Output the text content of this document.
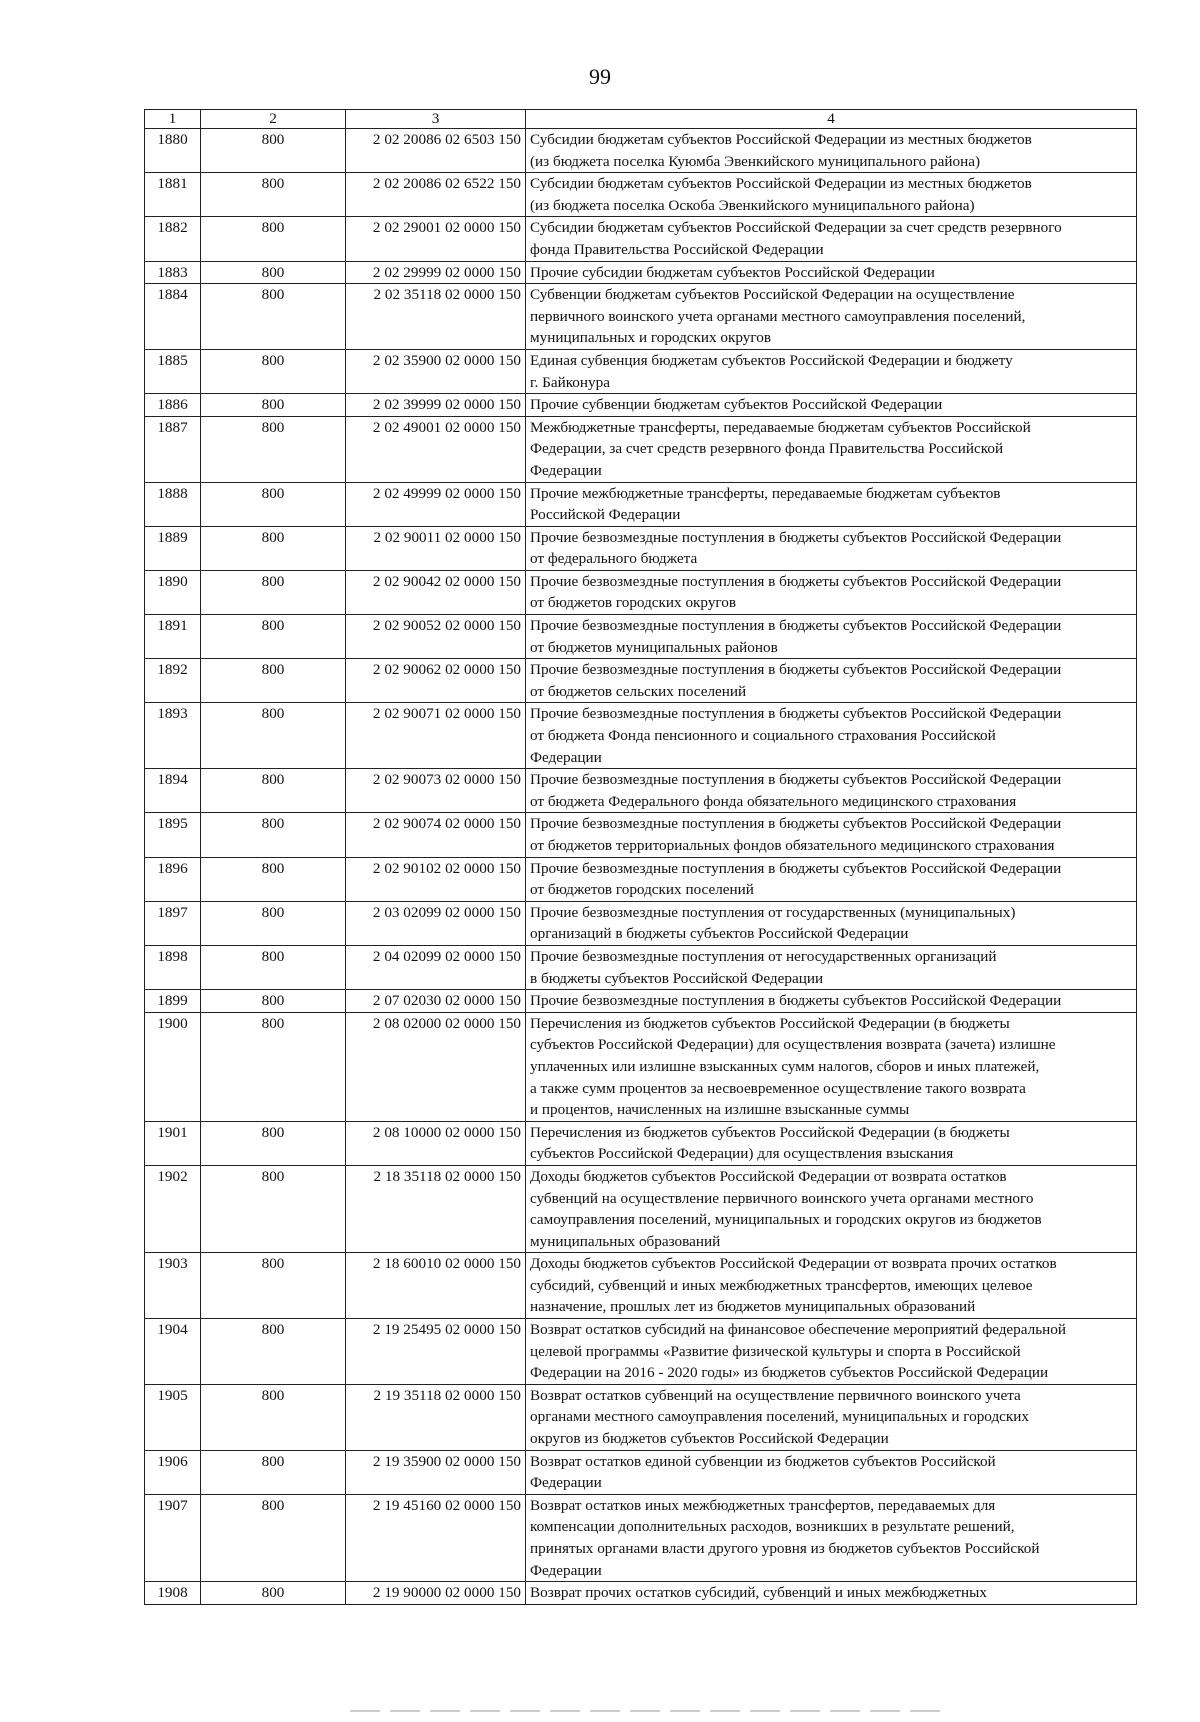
99
1	2	3	4
1880	800	2 02 20086 02 6503 150	Субсидии бюджетам субъектов Российской Федерации из местных бюджетов
(из бюджета поселка Куюмба Эвенкийского муниципального района)

1881	800	2 02 20086 02 6522 150	Субсидии бюджетам субъектов Российской Федерации из местных бюджетов
(из бюджета поселка Оскоба Эвенкийского муниципального района)

1882	800	2 02 29001 02 0000 150	Субсидии бюджетам субъектов Российской Федерации за счет средств резервного
фонда Правительства Российской Федерации

1883	800	2 02 29999 02 0000 150	Прочие субсидии бюджетам субъектов Российской Федерации

1884	800	2 02 35118 02 0000 150	Субвенции бюджетам субъектов Российской Федерации на осуществление
первичного воинского учета органами местного самоуправления поселений,
муниципальных и городских округов

1885	800	2 02 35900 02 0000 150	Единая субвенция бюджетам субъектов Российской Федерации и бюджету
г. Байконура

1886	800	2 02 39999 02 0000 150	Прочие субвенции бюджетам субъектов Российской Федерации

1887	800	2 02 49001 02 0000 150	Межбюджетные трансферты, передаваемые бюджетам субъектов Российской
Федерации, за счет средств резервного фонда Правительства Российской
Федерации

1888	800	2 02 49999 02 0000 150	Прочие межбюджетные трансферты, передаваемые бюджетам субъектов
Российской Федерации

1889	800	2 02 90011 02 0000 150	Прочие безвозмездные поступления в бюджеты субъектов Российской Федерации
от федерального бюджета

1890	800	2 02 90042 02 0000 150	Прочие безвозмездные поступления в бюджеты субъектов Российской Федерации
от бюджетов городских округов

1891	800	2 02 90052 02 0000 150	Прочие безвозмездные поступления в бюджеты субъектов Российской Федерации
от бюджетов муниципальных районов

1892	800	2 02 90062 02 0000 150	Прочие безвозмездные поступления в бюджеты субъектов Российской Федерации
от бюджетов сельских поселений

1893	800	2 02 90071 02 0000 150	Прочие безвозмездные поступления в бюджеты субъектов Российской Федерации
от бюджета Фонда пенсионного и социального страхования Российской
Федерации

1894	800	2 02 90073 02 0000 150	Прочие безвозмездные поступления в бюджеты субъектов Российской Федерации
от бюджета Федерального фонда обязательного медицинского страхования

1895	800	2 02 90074 02 0000 150	Прочие безвозмездные поступления в бюджеты субъектов Российской Федерации
от бюджетов территориальных фондов обязательного медицинского страхования

1896	800	2 02 90102 02 0000 150	Прочие безвозмездные поступления в бюджеты субъектов Российской Федерации
от бюджетов городских поселений

1897	800	2 03 02099 02 0000 150	Прочие безвозмездные поступления от государственных (муниципальных)
организаций в бюджеты субъектов Российской Федерации

1898	800	2 04 02099 02 0000 150	Прочие безвозмездные поступления от негосударственных организаций
в бюджеты субъектов Российской Федерации

1899	800	2 07 02030 02 0000 150	Прочие безвозмездные поступления в бюджеты субъектов Российской Федерации

1900	800	2 08 02000 02 0000 150	Перечисления из бюджетов субъектов Российской Федерации (в бюджеты
субъектов Российской Федерации) для осуществления возврата (зачета) излишне
уплаченных или излишне взысканных сумм налогов, сборов и иных платежей,
а также сумм процентов за несвоевременное осуществление такого возврата
и процентов, начисленных на излишне взысканные суммы

1901	800	2 08 10000 02 0000 150	Перечисления из бюджетов субъектов Российской Федерации (в бюджеты
субъектов Российской Федерации) для осуществления взыскания

1902	800	2 18 35118 02 0000 150	Доходы бюджетов субъектов Российской Федерации от возврата остатков
субвенций на осуществление первичного воинского учета органами местного
самоуправления поселений, муниципальных и городских округов из бюджетов
муниципальных образований

1903	800	2 18 60010 02 0000 150	Доходы бюджетов субъектов Российской Федерации от возврата прочих остатков
субсидий, субвенций и иных межбюджетных трансфертов, имеющих целевое
назначение, прошлых лет из бюджетов муниципальных образований

1904	800	2 19 25495 02 0000 150	Возврат остатков субсидий на финансовое обеспечение мероприятий федеральной
целевой программы «Развитие физической культуры и спорта в Российской
Федерации на 2016 - 2020 годы» из бюджетов субъектов Российской Федерации

1905	800	2 19 35118 02 0000 150	Возврат остатков субвенций на осуществление первичного воинского учета
органами местного самоуправления поселений, муниципальных и городских
округов из бюджетов субъектов Российской Федерации

1906	800	2 19 35900 02 0000 150	Возврат остатков единой субвенции из бюджетов субъектов Российской
Федерации

1907	800	2 19 45160 02 0000 150	Возврат остатков иных межбюджетных трансфертов, передаваемых для
компенсации дополнительных расходов, возникших в результате решений,
принятых органами власти другого уровня из бюджетов субъектов Российской
Федерации

1908	800	2 19 90000 02 0000 150	Возврат прочих остатков субсидий, субвенций и иных межбюджетных
